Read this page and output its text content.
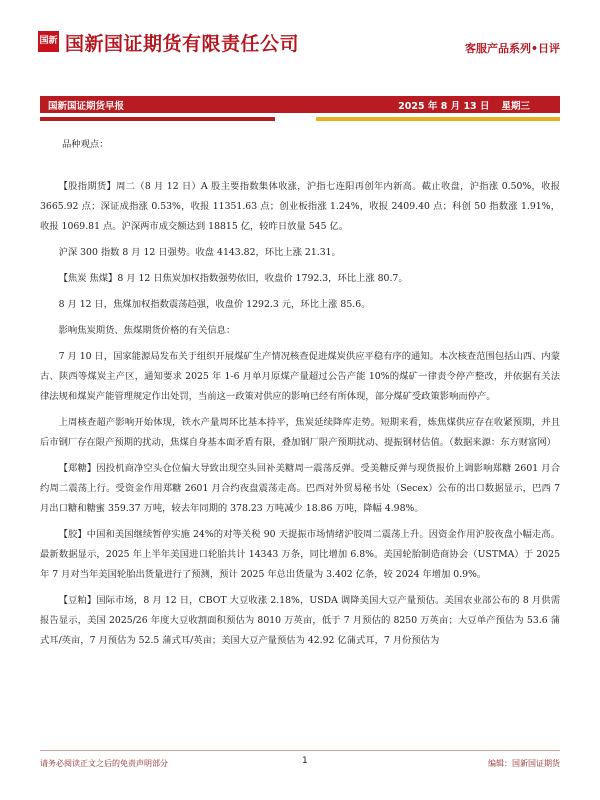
国新 国新国证期货有限责任公司	客服产品系列•日评
国新国证期货早报	2025 年 8 月 13 日 星期三

品种观点：

【股指期货】周二（8 月 12 日）A 股主要指数集体收涨，沪指七连阳再创年内新高。截止收盘，沪指涨 0.50%，收报 3665.92 点；深证成指涨 0.53%，收报 11351.63 点；创业板指涨 1.24%，收报 2409.40 点；科创 50 指数涨 1.91%，收报 1069.81 点。沪深两市成交额达到 18815 亿，较昨日放量 545 亿。

沪深 300 指数 8 月 12 日强势。收盘 4143.82，环比上涨 21.31。

【焦炭 焦煤】8 月 12 日焦炭加权指数强势依旧，收盘价 1792.3，环比上涨 80.7。

8 月 12 日，焦煤加权指数震荡趋强，收盘价 1292.3 元，环比上涨 85.6。

影响焦炭期货、焦煤期货价格的有关信息：

7 月 10 日，国家能源局发布关于组织开展煤矿生产情况核查促进煤炭供应平稳有序的通知。本次核查范围包括山西、内蒙古、陕西等煤炭主产区，通知要求 2025 年 1-6 月单月原煤产量超过公告产能 10%的煤矿一律责令停产整改，并依据有关法律法规和煤炭产能管理规定作出处罚，当前这一政策对供应的影响已经有所体现，部分煤矿受政策影响而停产。

上周核查超产影响开始体现，铁水产量周环比基本持平，焦炭延续降库走势。短期来看，炼焦煤供应存在收紧预期，并且后市钢厂存在限产预期的扰动，焦煤自身基本面矛盾有限，叠加钢厂限产预期扰动、提振钢材估值。（数据来源：东方财富网）

【郑糖】因投机商净空头仓位偏大导致出现空头回补美糖周一震荡反弹。受美糖反弹与现货报价上调影响郑糖 2601 月合约周二震荡上行。受资金作用郑糖 2601 月合约夜盘震荡走高。巴西对外贸易秘书处（Secex）公布的出口数据显示，巴西 7 月出口糖和糖蜜 359.37 万吨，较去年同期的 378.23 万吨减少 18.86 万吨，降幅 4.98%。

【胶】中国和美国继续暂停实施 24%的对等关税 90 天提振市场情绪沪胶周二震荡上升。因资金作用沪胶夜盘小幅走高。最新数据显示，2025 年上半年美国进口轮胎共计 14343 万条，同比增加 6.8%。美国轮胎制造商协会（USTMA）于 2025 年 7 月对当年美国轮胎出货量进行了预测，预计 2025 年总出货量为 3.402 亿条，较 2024 年增加 0.9%。

【豆粕】国际市场，8 月 12 日，CBOT 大豆收涨 2.18%，USDA 调降美国大豆产量预估。美国农业部公布的 8 月供需报告显示，美国 2025/26 年度大豆收割面积预估为 8010 万英亩，低于 7 月预估的 8250 万英亩；大豆单产预估为 53.6 蒲式耳/英亩，7 月预估为 52.5 蒲式耳/英亩；美国大豆产量预估为 42.92 亿蒲式耳，7 月份预估为

请务必阅读正文之后的免责声明部分	1	编辑：国新国证期货
